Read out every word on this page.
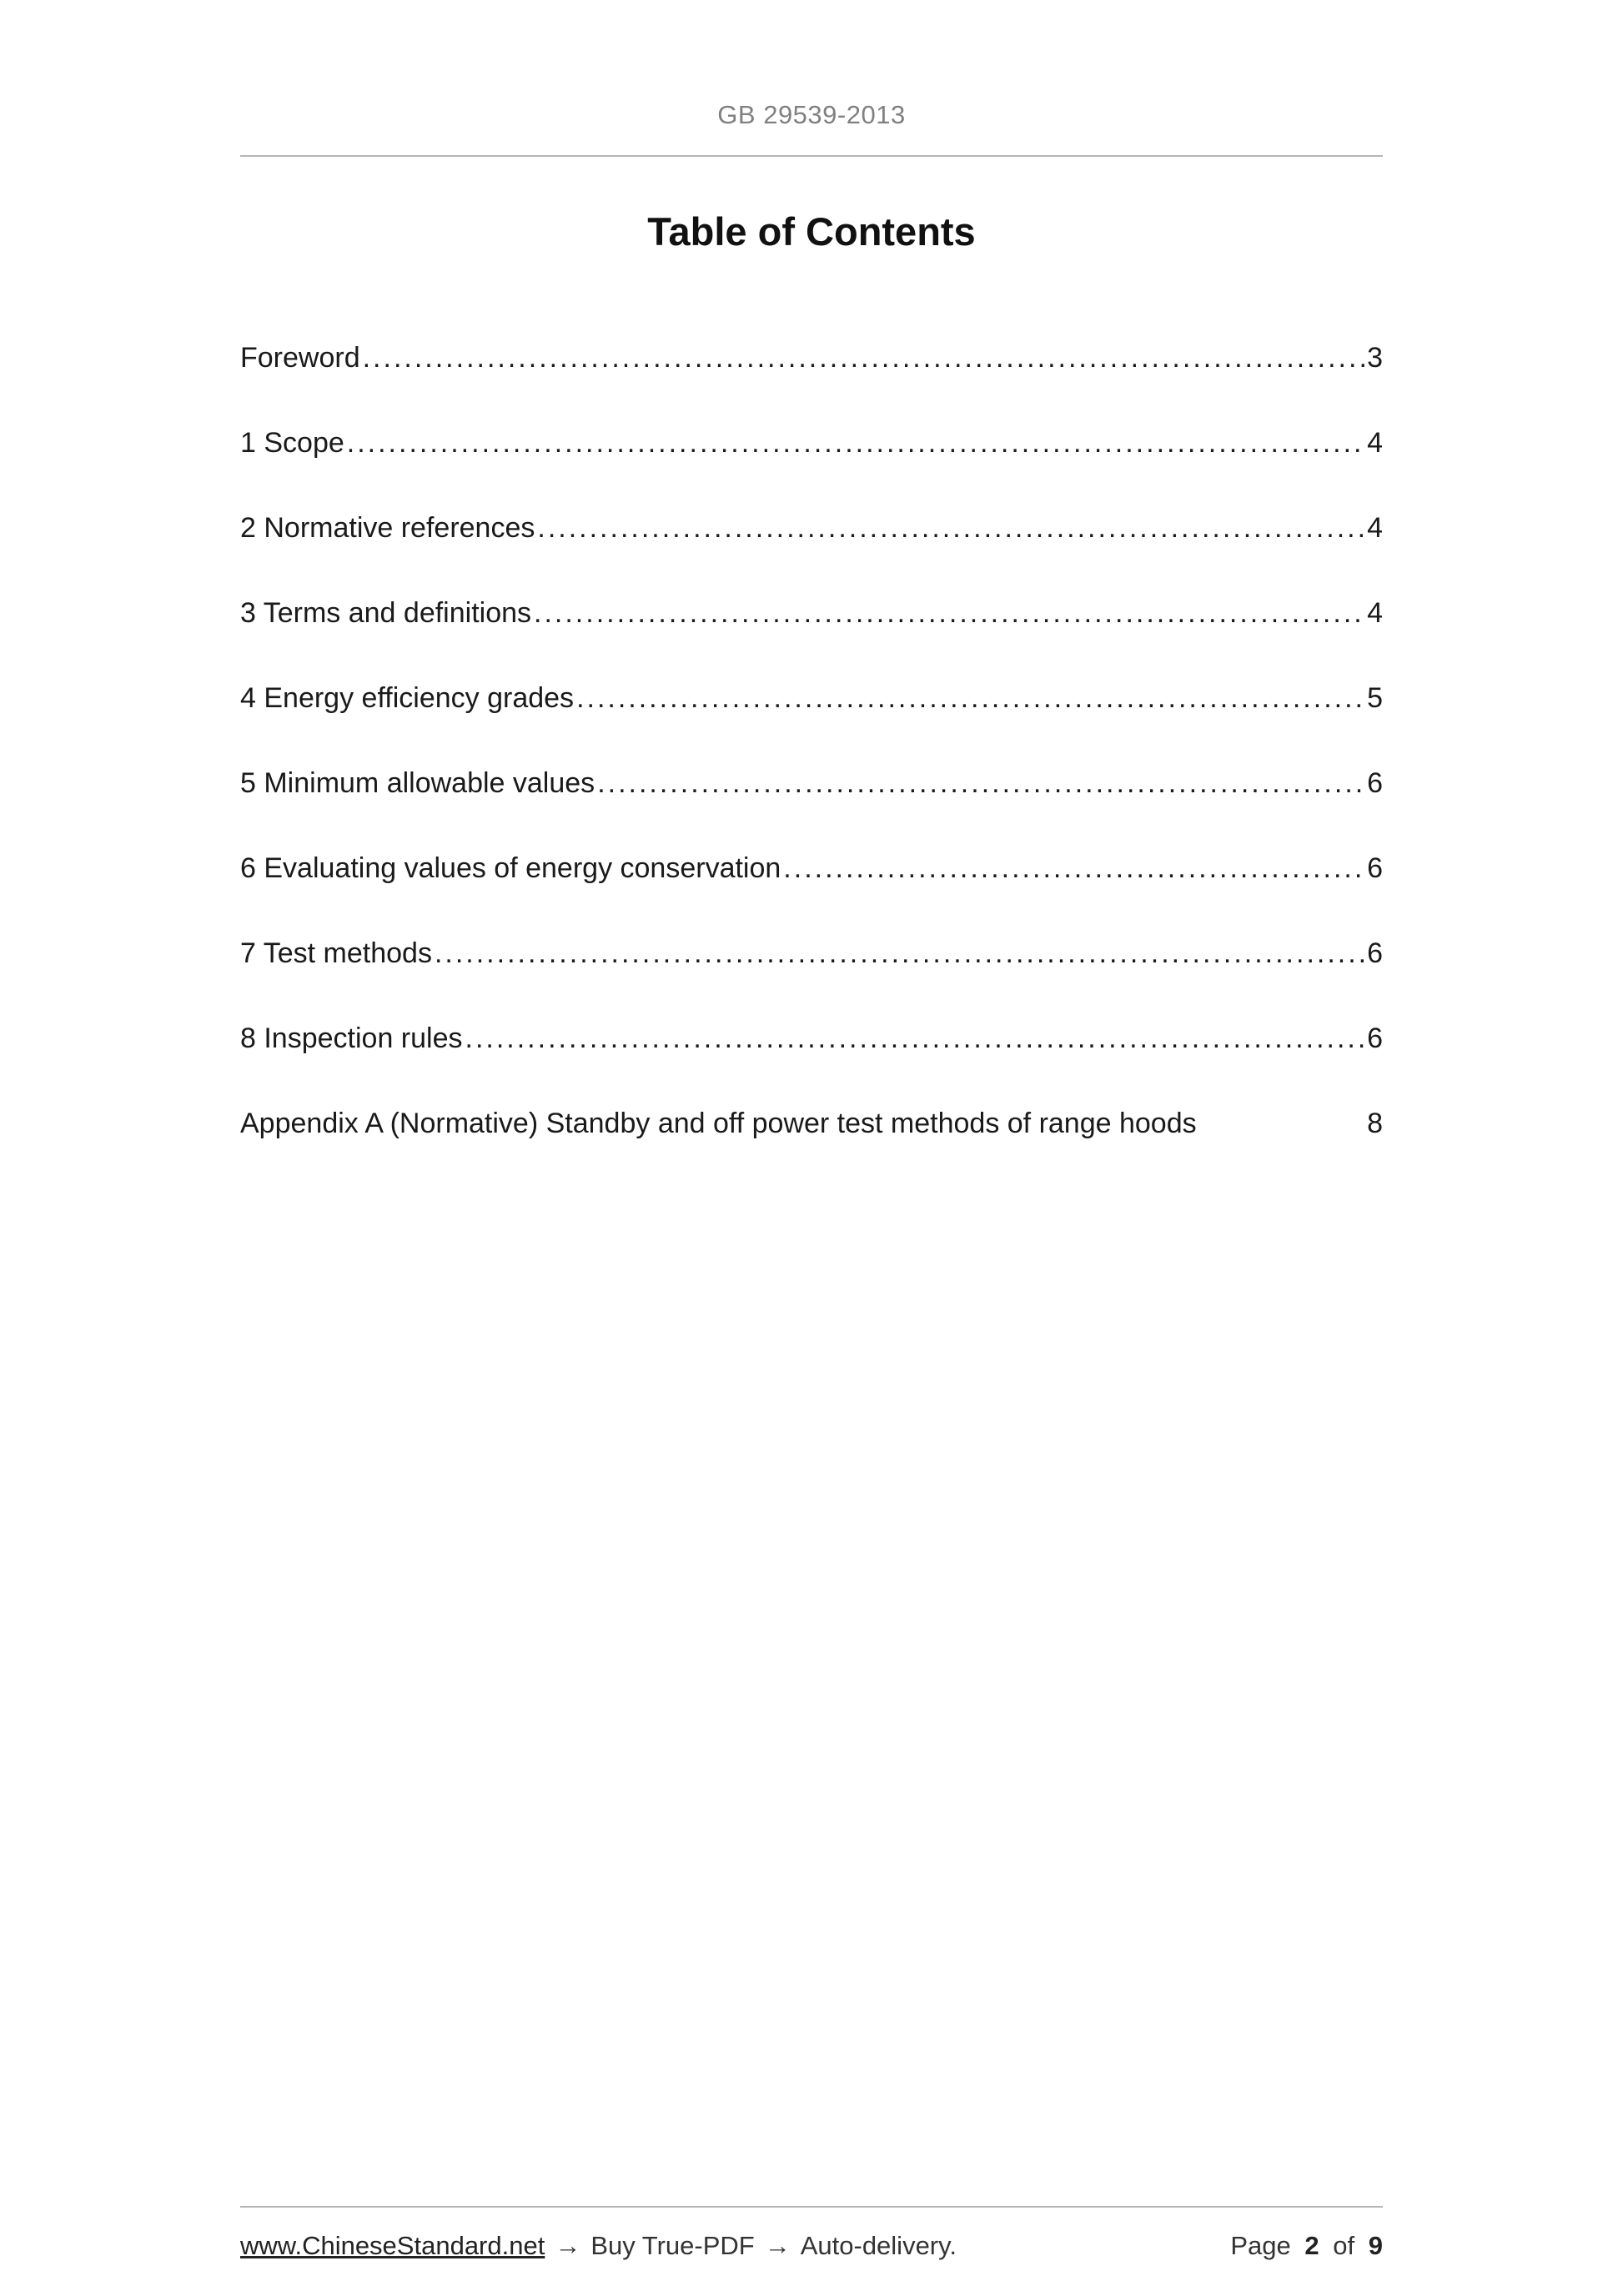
GB 29539-2013
Table of Contents
Foreword .....	3
1 Scope .....	4
2 Normative references .....	4
3 Terms and definitions .....	4
4 Energy efficiency grades .....	5
5 Minimum allowable values .....	6
6 Evaluating values of energy conservation .....	6
7 Test methods .....	6
8 Inspection rules .....	6
Appendix A (Normative) Standby and off power test methods of range hoods	8
www.ChineseStandard.net → Buy True-PDF → Auto-delivery.	Page 2 of 9
